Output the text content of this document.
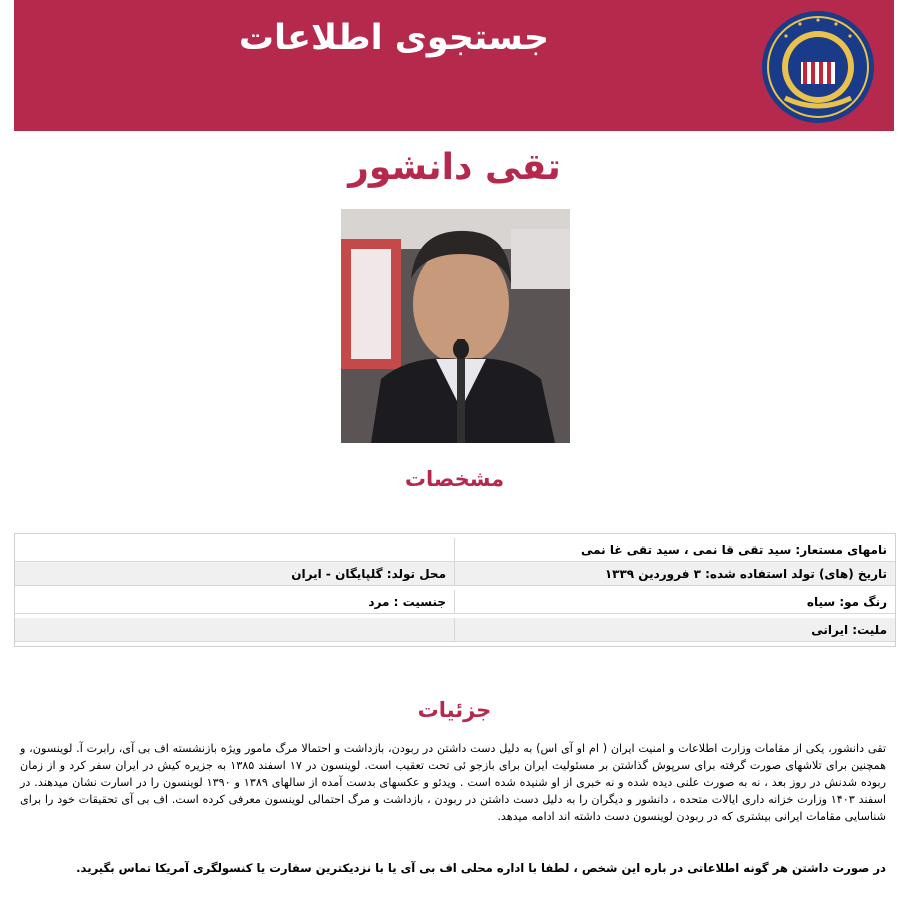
جستجوی اطلاعات
تقی دانشور
مشخصات
نامهای مستعار: سید تقی قا نمی ، سید تقی غا نمی
تاریخ (های) تولد استفاده شده: ۳ فروردین ۱۳۳۹
محل تولد: گلپایگان - ایران
رنگ مو: سیاه
جنسیت : مرد
ملیت: ایرانی
جزئیات
تقی دانشور، یکی از مقامات وزارت اطلاعات و امنیت ایران ( ام او آی اس) به دلیل دست داشتن در ربودن، بازداشت و احتمالا مرگ مامور ویژه بازنشسته اف بی آی، رابرت آ. لوینسون، و همچنین برای تلاشهای صورت گرفته برای سرپوش گذاشتن بر مسئولیت ایران برای بازجو ئی تحت تعقیب است. لوینسون در ۱۷ اسفند ۱۳۸۵ به جزیره کیش در ایران سفر کرد و از زمان ربوده شدنش در روز بعد ، نه به صورت علنی دیده شده و نه خبری از او شنیده شده است . ویدئو و عکسهای بدست آمده از سالهای ۱۳۸۹ و ۱۳۹۰ لوینسون را در اسارت نشان میدهند. در اسفند ۱۴۰۳ وزارت خزانه داری ایالات متحده ، دانشور و دیگران را به دلیل دست داشتن در ربودن ، بازداشت و مرگ احتمالی لوینسون معرفی کرده است. اف بی آی تحقیقات خود را برای شناسایی مقامات ایرانی بیشتری که در ربودن لوینسون دست داشته اند ادامه میدهد.
در صورت داشتن هر گونه اطلاعاتی در باره این شخص ، لطفا با اداره محلی اف بی آی یا با نزدیکترین سفارت یا کنسولگری آمریکا تماس بگیرید.
